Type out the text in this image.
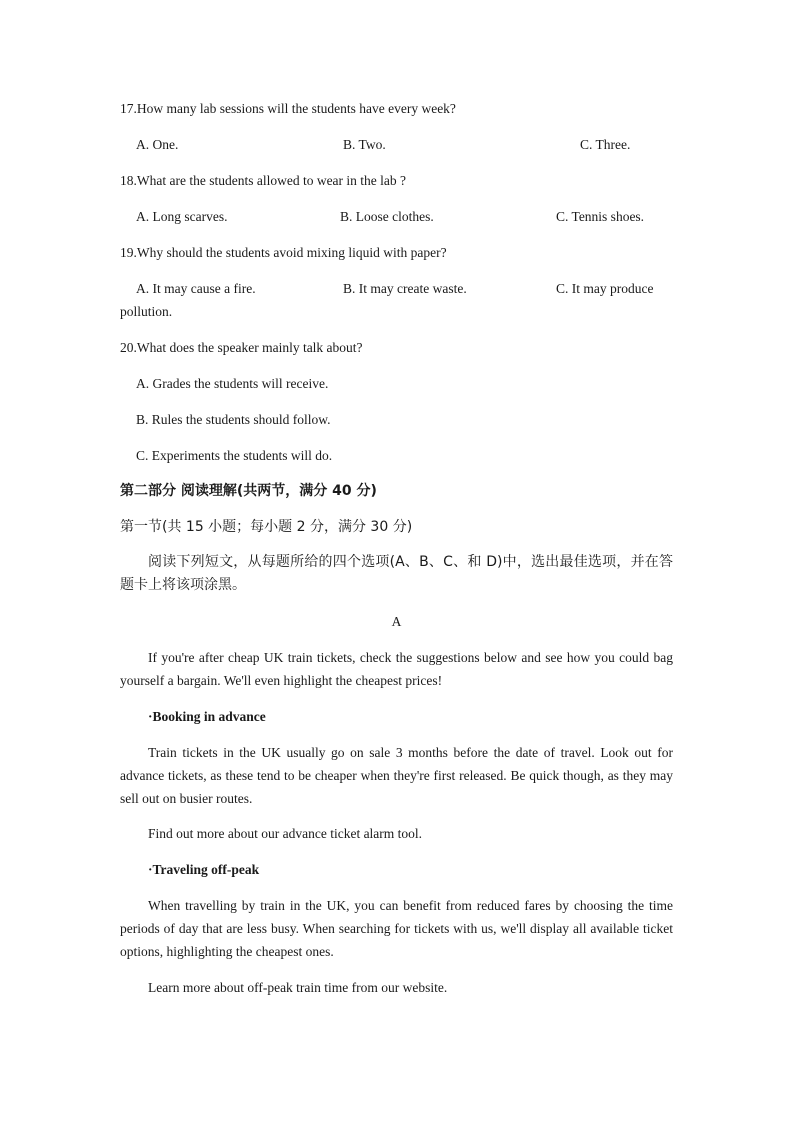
17.How many lab sessions will the students have every week?
A. One.	B. Two.	C. Three.
18.What are the students allowed to wear in the lab ?
A. Long scarves.	B. Loose clothes.	C. Tennis shoes.
19.Why should the students avoid mixing liquid with paper?
A. It may cause a fire.	B. It may create waste.	C. It may produce
pollution.
20.What does the speaker mainly talk about?
A. Grades the students will receive.
B. Rules the students should follow.
C. Experiments the students will do.
第二部分 阅读理解(共两节，满分 40 分)
第一节(共 15 小题；每小题 2 分，满分 30 分)
阅读下列短文，从每题所给的四个选项(A、B、C、和 D)中，选出最佳选项，并在答题卡上将该项涂黑。
A
If you're after cheap UK train tickets, check the suggestions below and see how you could bag yourself a bargain. We'll even highlight the cheapest prices!
·Booking in advance
Train tickets in the UK usually go on sale 3 months before the date of travel. Look out for advance tickets, as these tend to be cheaper when they're first released. Be quick though, as they may sell out on busier routes.
Find out more about our advance ticket alarm tool.
·Traveling off-peak
When travelling by train in the UK, you can benefit from reduced fares by choosing the time periods of day that are less busy. When searching for tickets with us, we'll display all available ticket options, highlighting the cheapest ones.
Learn more about off-peak train time from our website.
